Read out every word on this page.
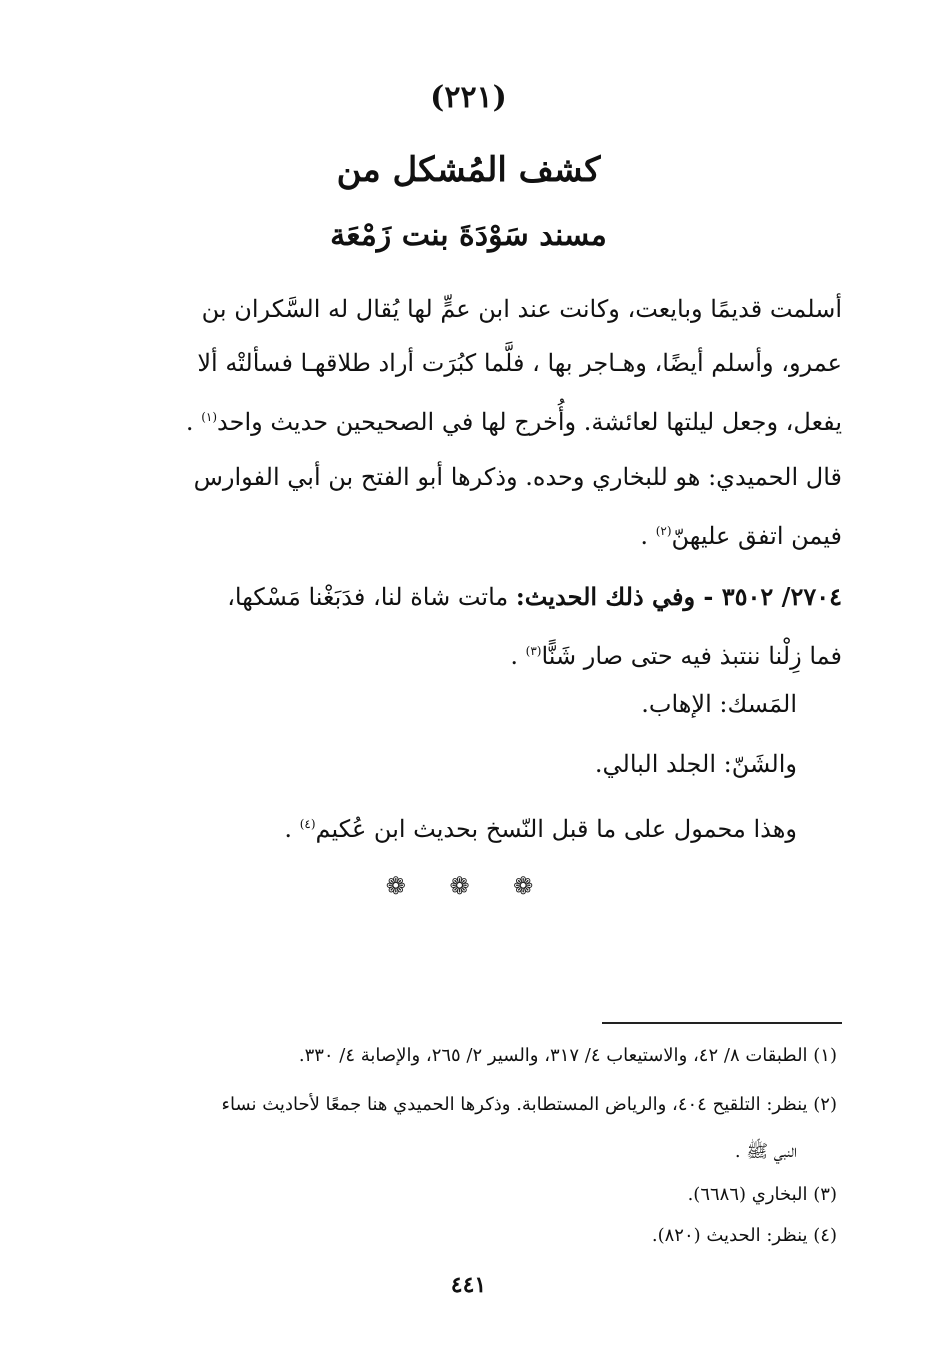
(٢٢١)
كشف المُشكل من
مسند سَوْدَةَ بنت زَمْعَة
أسلمت قديمًا وبايعت، وكانت عند ابن عمٍّ لها يُقال له السَّكران بن
عمرو، وأسلم أيضًا، وهـاجر بها ، فلَّما كبُرَت أراد طلاقهـا فسألتْه ألا
يفعل، وجعل ليلتها لعائشة. وأُخرج لها في الصحيحين حديث واحد$^{(١)}$ .
قال الحميدي: هو للبخاري وحده. وذكرها أبو الفتح بن أبي الفوارس
فيمن اتفق عليهنّ$^{(٢)}$ .
٢٧٠٤/ ٣٥٠٢ - وفي ذلك الحديث: ماتت شاة لنا، فدَبَغْنا مَسْكها،
فما زِلْنا ننتبذ فيه حتى صار شَنًّا$^{(٣)}$ .
المَسك: الإهاب.
والشَنّ: الجلد البالي.
وهذا محمول على ما قبل النّسخ بحديث ابن عُكيم$^{(٤)}$ .
❁ ❁ ❁
(١) الطبقات ٨/ ٤٢، والاستيعاب ٤/ ٣١٧، والسير ٢/ ٢٦٥، والإصابة ٤/ ٣٣٠.
(٢) ينظر: التلقيح ٤٠٤، والرياض المستطابة. وذكرها الحميدي هنا جمعًا لأحاديث نساء
النبي ﷺ .
(٣) البخاري (٦٦٨٦).
(٤) ينظر: الحديث (٨٢٠).
٤٤١
